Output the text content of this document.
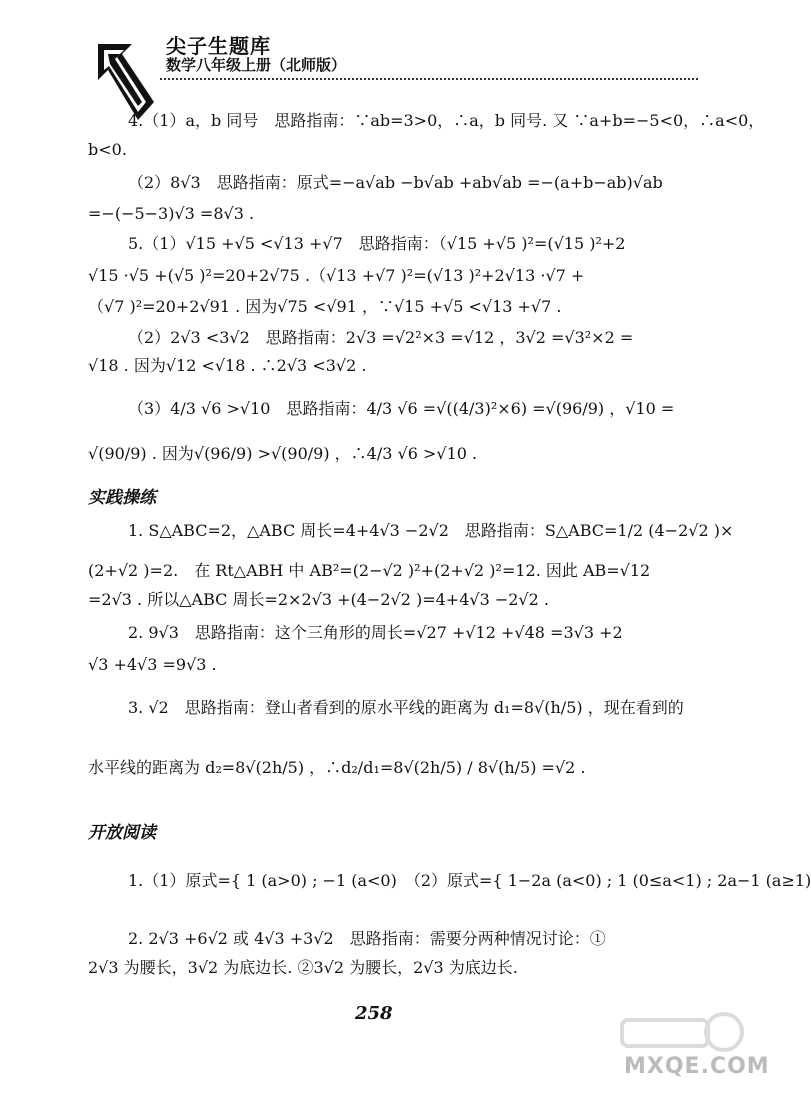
尖子生题库
数学八年级上册（北师版）
4.（1）a，b 同号　思路指南：∵ab=3>0，∴a，b 同号. 又 ∵a+b=−5<0，∴a<0，
b<0.
（2）8√3　思路指南：原式=−a√ab −b√ab +ab√ab =−(a+b−ab)√ab
=−(−5−3)√3 =8√3 .
5.（1）√15 +√5 <√13 +√7　思路指南：（√15 +√5 )²=(√15 )²+2
√15 ·√5 +(√5 )²=20+2√75 .（√13 +√7 )²=(√13 )²+2√13 ·√7 +
（√7 )²=20+2√91 . 因为√75 <√91 ，∵√15 +√5 <√13 +√7 .
（2）2√3 <3√2　思路指南：2√3 =√2²×3 =√12 ，3√2 =√3²×2 =
√18 . 因为√12 <√18 . ∴2√3 <3√2 .
（3）4/3 √6 >√10　思路指南：4/3 √6 =√((4/3)²×6) =√(96/9) ，√10 =
√(90/9) . 因为√(96/9) >√(90/9) ，∴4/3 √6 >√10 .
实践操练
1. S△ABC=2，△ABC 周长=4+4√3 −2√2　思路指南：S△ABC=1/2 (4−2√2 )×
(2+√2 )=2.　在 Rt△ABH 中 AB²=(2−√2 )²+(2+√2 )²=12. 因此 AB=√12
=2√3 . 所以△ABC 周长=2×2√3 +(4−2√2 )=4+4√3 −2√2 .
2. 9√3　思路指南：这个三角形的周长=√27 +√12 +√48 =3√3 +2
√3 +4√3 =9√3 .
3. √2　思路指南：登山者看到的原水平线的距离为 d₁=8√(h/5) ，现在看到的
水平线的距离为 d₂=8√(2h/5) ，∴d₂/d₁=8√(2h/5) / 8√(h/5) =√2 .
开放阅读
1.（1）原式={ 1 (a>0) ; −1 (a<0)　（2）原式={ 1−2a (a<0) ; 1 (0≤a<1) ; 2a−1 (a≥1)
2. 2√3 +6√2 或 4√3 +3√2　思路指南：需要分两种情况讨论：①
2√3 为腰长，3√2 为底边长. ②3√2 为腰长，2√3 为底边长.
258
MXQE.COM
